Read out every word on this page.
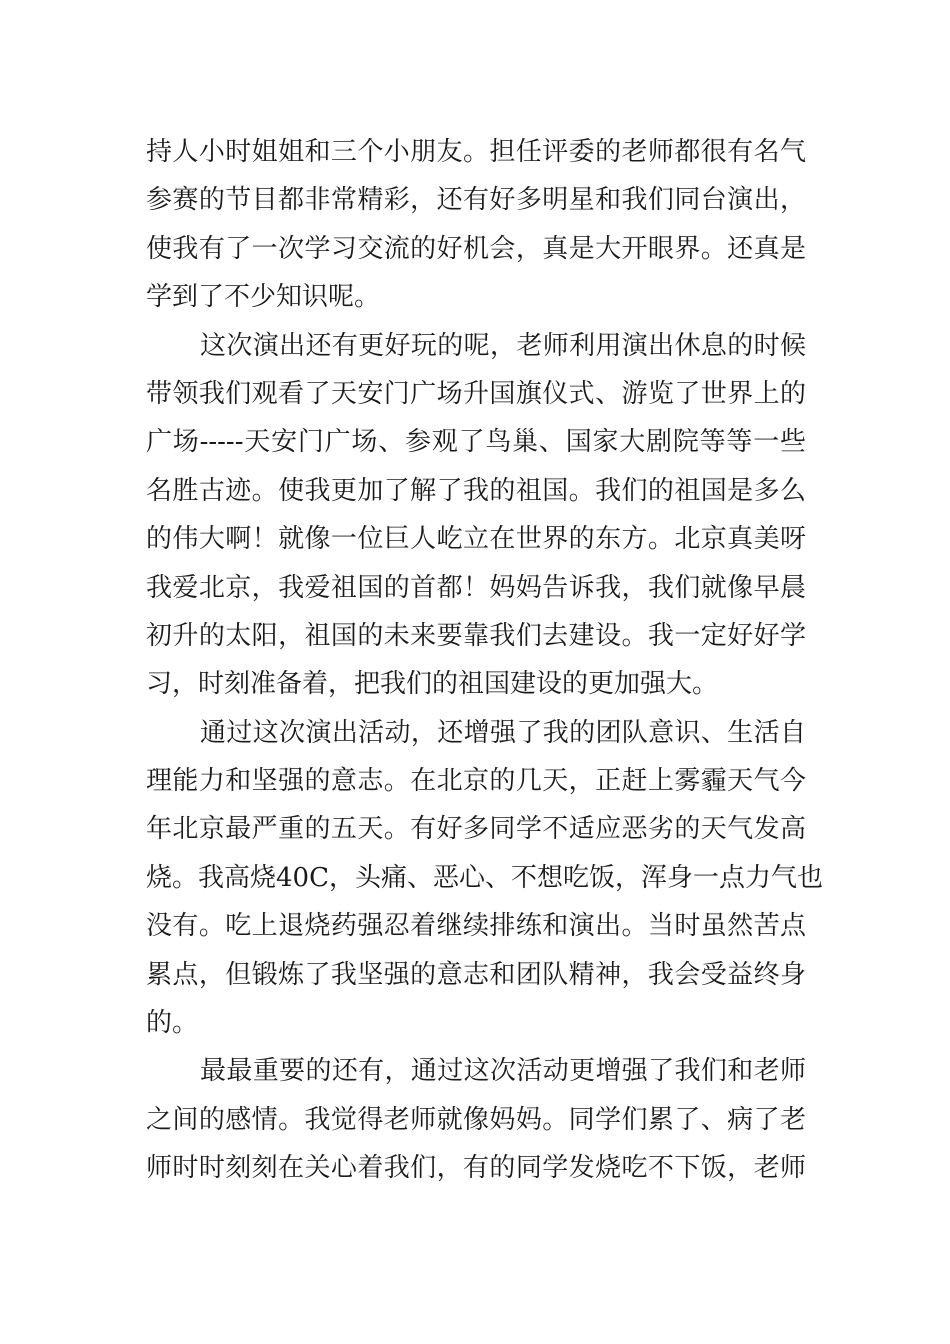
持人小时姐姐和三个小朋友。担任评委的老师都很有名气
参赛的节目都非常精彩，还有好多明星和我们同台演出，
使我有了一次学习交流的好机会，真是大开眼界。还真是
学到了不少知识呢。
这次演出还有更好玩的呢，老师利用演出休息的时候
带领我们观看了天安门广场升国旗仪式、游览了世界上的
广场-----天安门广场、参观了鸟巢、国家大剧院等等一些
名胜古迹。使我更加了解了我的祖国。我们的祖国是多么
的伟大啊！就像一位巨人屹立在世界的东方。北京真美呀
我爱北京，我爱祖国的首都！妈妈告诉我，我们就像早晨
初升的太阳，祖国的未来要靠我们去建设。我一定好好学
习，时刻准备着，把我们的祖国建设的更加强大。
通过这次演出活动，还增强了我的团队意识、生活自
理能力和坚强的意志。在北京的几天，正赶上雾霾天气今
年北京最严重的五天。有好多同学不适应恶劣的天气发高
烧。我高烧40C，头痛、恶心、不想吃饭，浑身一点力气也
没有。吃上退烧药强忍着继续排练和演出。当时虽然苦点
累点，但锻炼了我坚强的意志和团队精神，我会受益终身
的。
最最重要的还有，通过这次活动更增强了我们和老师
之间的感情。我觉得老师就像妈妈。同学们累了、病了老
师时时刻刻在关心着我们，有的同学发烧吃不下饭，老师
